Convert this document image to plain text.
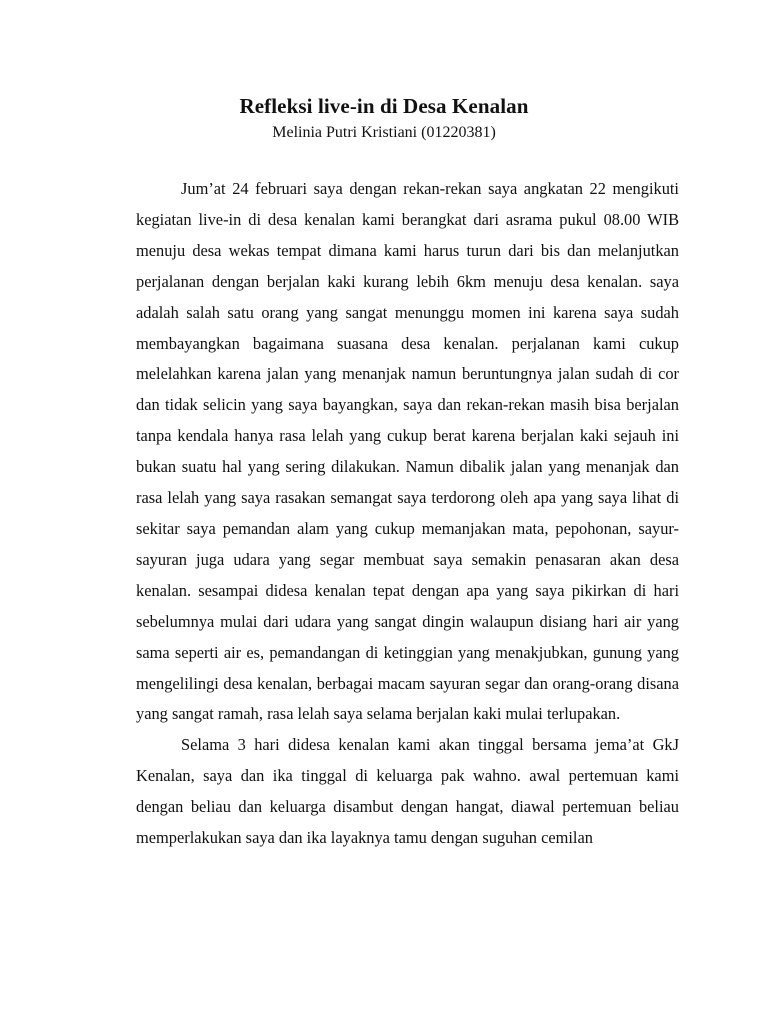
Refleksi live-in di Desa Kenalan
Melinia Putri Kristiani (01220381)

Jum’at 24 februari saya dengan rekan-rekan saya angkatan 22 mengikuti kegiatan live-in di desa kenalan kami berangkat dari asrama pukul 08.00 WIB menuju desa wekas tempat dimana kami harus turun dari bis dan melanjutkan perjalanan dengan berjalan kaki kurang lebih 6km menuju desa kenalan. saya adalah salah satu orang yang sangat menunggu momen ini karena saya sudah membayangkan bagaimana suasana desa kenalan. perjalanan kami cukup melelahkan karena jalan yang menanjak namun beruntungnya jalan sudah di cor dan tidak selicin yang saya bayangkan, saya dan rekan-rekan masih bisa berjalan tanpa kendala hanya rasa lelah yang cukup berat karena berjalan kaki sejauh ini bukan suatu hal yang sering dilakukan. Namun dibalik jalan yang menanjak dan rasa lelah yang saya rasakan semangat saya terdorong oleh apa yang saya lihat di sekitar saya pemandan alam yang cukup memanjakan mata, pepohonan, sayur-sayuran juga udara yang segar membuat saya semakin penasaran akan desa kenalan. sesampai didesa kenalan tepat dengan apa yang saya pikirkan di hari sebelumnya mulai dari udara yang sangat dingin walaupun disiang hari air yang sama seperti air es, pemandangan di ketinggian yang menakjubkan, gunung yang mengelilingi desa kenalan, berbagai macam sayuran segar dan orang-orang disana yang sangat ramah, rasa lelah saya selama berjalan kaki mulai terlupakan.

Selama 3 hari didesa kenalan kami akan tinggal bersama jema’at GkJ Kenalan, saya dan ika tinggal di keluarga pak wahno. awal pertemuan kami dengan beliau dan keluarga disambut dengan hangat, diawal pertemuan beliau memperlakukan saya dan ika layaknya tamu dengan suguhan cemilan
